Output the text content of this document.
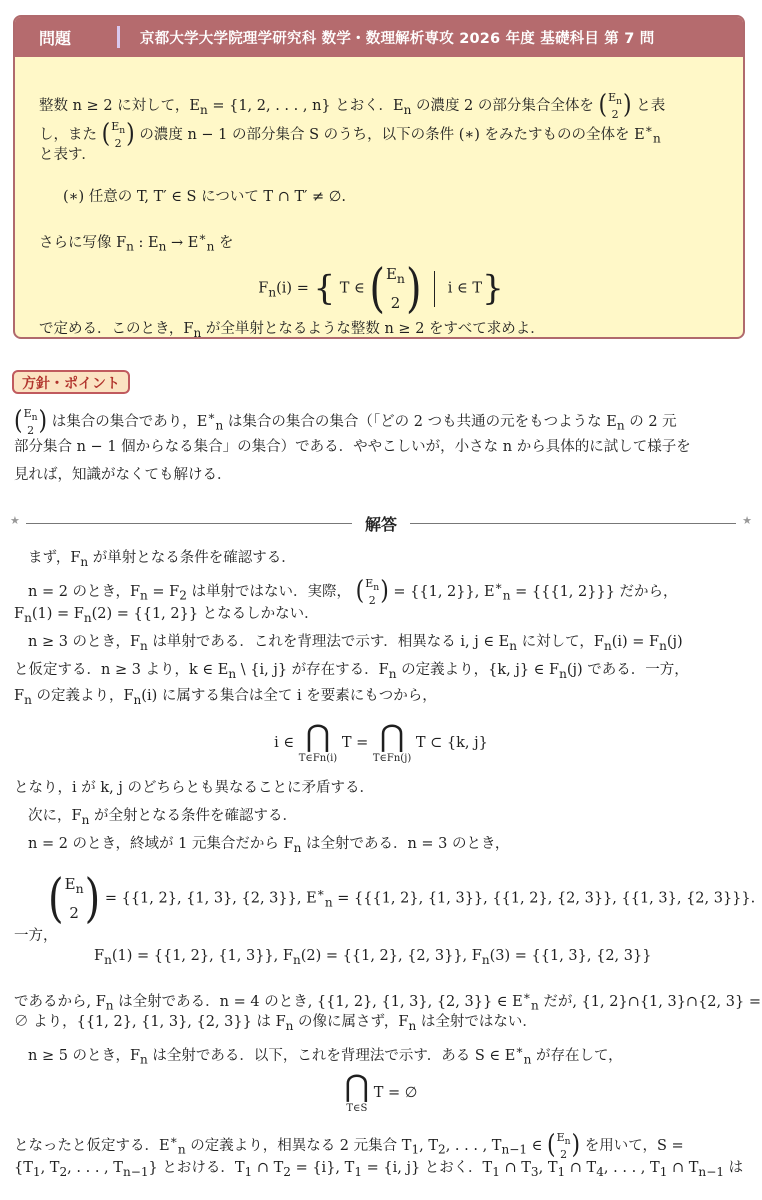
問題	京都大学大学院理学研究科 数学・数理解析専攻 2026 年度 基礎科目 第 7 問
整数 n ≥ 2 に対して，$E_n = \{1$, 2, . . . , n} とおく．$E_n$ の濃度 2 の部分集合全体を ( $E_n$
2 ) と表
し，また ( $E_n$
2 ) の濃度 n − 1 の部分集合 S のうち，以下の条件 (∗) をみたすものの全体を $E^∗_n$
と表す．
(∗) 任意の T, T′ ∈ S について T ∩ T′ ≠ ∅.
さらに写像 $F_n$ : $E_n \to E^∗_n$ を
$F_n(i)$ = { T ∈ ( $E_n$
2 ) i ∈ T}
で定める．このとき，$F_n$ が全単射となるような整数 n ≥ 2 をすべて求めよ．
方針・ポイント
( $E_n$
2 ) は集合の集合であり，$E^∗_n$ は集合の集合の集合（「どの 2 つも共通の元をもつような $E_n$ の 2 元
部分集合 n − 1 個からなる集合」の集合）である．ややこしいが，小さな n から具体的に試して様子を
見れば，知識がなくても解ける．
★	解答	★
まず，$F_n$ が単射となる条件を確認する．
n = 2 のとき，$F_n = F_2$ は単射ではない．実際， ( $E_n$
2 ) = {{1, 2}}, $E^∗_n = \{\{\{1$, 2}}} だから，
$F_n(1) = F_n(2) = \{\{1$, 2}} となるしかない．
n ≥ 3 のとき，$F_n$ は単射である．これを背理法で示す．相異なる i, j ∈ $E_n$ に対して，$F_n(i) = F_n(j)$
と仮定する．n ≥ 3 より，k ∈ $E_n$ \ {i, j} が存在する．$F_n$ の定義より，{k, j} ∈ $F_n(j)$ である．一方，
$F_n$ の定義より，$F_n(i)$ に属する集合は全て i を要素にもつから，
i ∈ ⋂
T∈Fn(i)
T = ⋂
T∈Fn(j)
T ⊂ {k, j}
となり，i が k, j のどちらとも異なることに矛盾する．
次に，$F_n$ が全射となる条件を確認する．
n = 2 のとき，終域が 1 元集合だから $F_n$ は全射である．n = 3 のとき，
( $E_n$
2 ) = {{1, 2}, {1, 3}, {2, 3}}, $E^∗_n = \{\{\{1$, 2}, {1, 3}}, {{1, 2}, {2, 3}}, {{1, 3}, {2, 3}}}.
一方，
$F_n(1) = \{\{1$, 2}, {1, 3}}, $F_n(2) = \{\{1$, 2}, {2, 3}}, $F_n(3) = \{\{1$, 3}, {2, 3}}
であるから, $F_n$ は全射である．n = 4 のとき, {{1, 2}, {1, 3}, {2, 3}} ∈ $E^∗_n$ だが, {1, 2}∩{1, 3}∩{2, 3} =
∅ より，{{1, 2}, {1, 3}, {2, 3}} は $F_n$ の像に属さず，$F_n$ は全射ではない．
n ≥ 5 のとき，$F_n$ は全射である．以下，これを背理法で示す．ある S ∈ $E^∗_n$ が存在して，
⋂
T∈S
T = ∅
となったと仮定する．$E^∗_n$ の定義より，相異なる 2 元集合 $T_1$, $T_2$, . . . , $T_{n-1}$ ∈ ( $E_n$
2 ) を用いて，S =
{$T_1$, $T_2$, . . . , $T_{n-1}$} とおける．$T_1$ ∩ $T_2 = \{i\}$, $T_1 = \{i$, j} とおく．$T_1$ ∩ $T_3$, $T_1$ ∩ $T_4$, . . . , $T_1$ ∩ $T_{n-1}$ は
